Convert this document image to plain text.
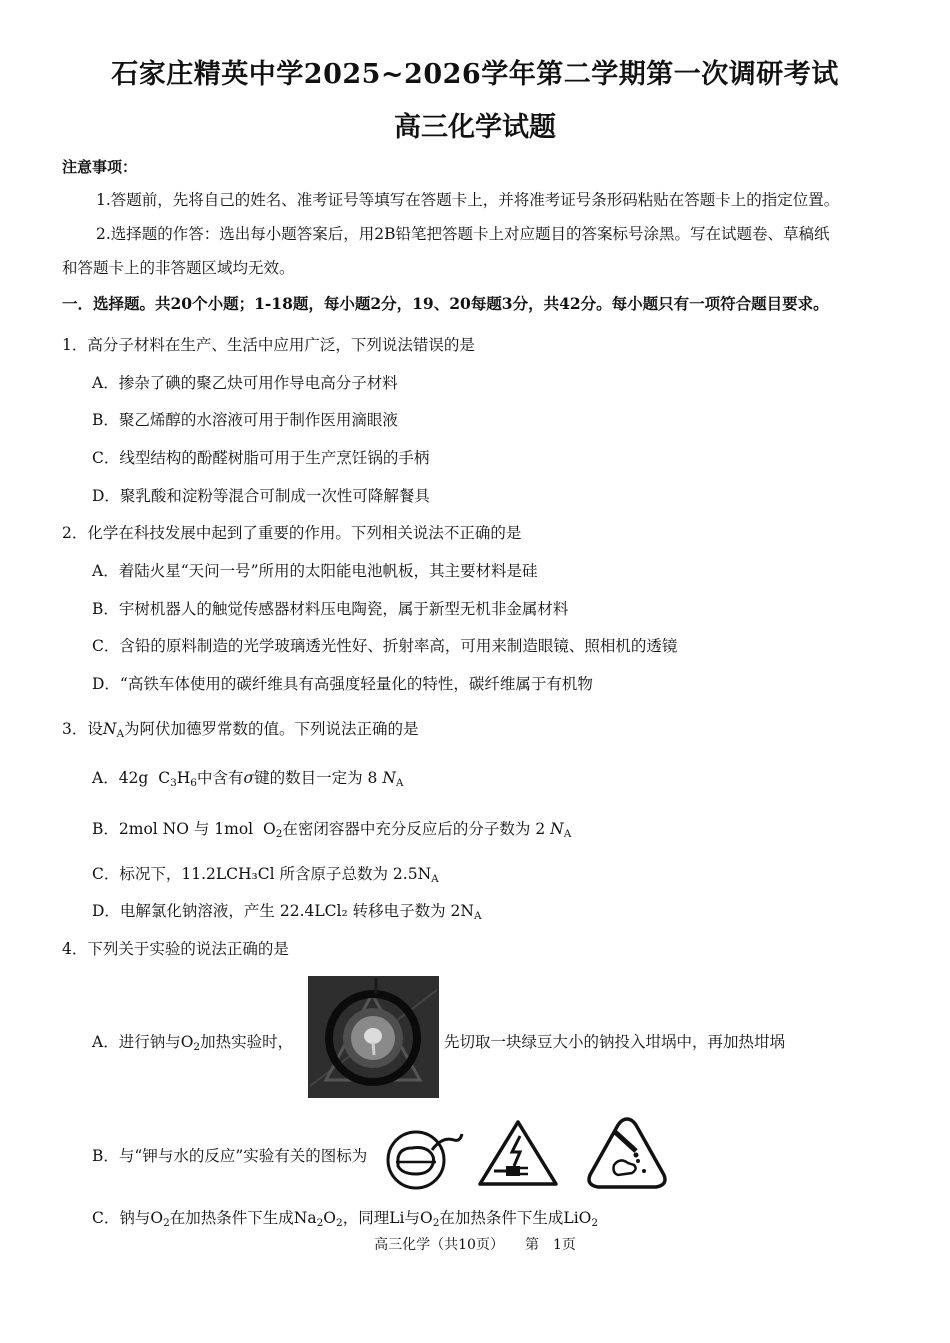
石家庄精英中学2025~2026学年第二学期第一次调研考试
高三化学试题
注意事项：
1.答题前，先将自己的姓名、准考证号等填写在答题卡上，并将准考证号条形码粘贴在答题卡上的指定位置。
2.选择题的作答：选出每小题答案后，用2B铅笔把答题卡上对应题目的答案标号涂黑。写在试题卷、草稿纸
和答题卡上的非答题区域均无效。
一．选择题。共20个小题；1-18题，每小题2分，19、20每题3分，共42分。每小题只有一项符合题目要求。
1．高分子材料在生产、生活中应用广泛，下列说法错误的是
A．掺杂了碘的聚乙炔可用作导电高分子材料
B．聚乙烯醇的水溶液可用于制作医用滴眼液
C．线型结构的酚醛树脂可用于生产烹饪锅的手柄
D．聚乳酸和淀粉等混合可制成一次性可降解餐具
2．化学在科技发展中起到了重要的作用。下列相关说法不正确的是
A．着陆火星“天问一号”所用的太阳能电池帆板，其主要材料是硅
B．宇树机器人的触觉传感器材料压电陶瓷，属于新型无机非金属材料
C．含铅的原料制造的光学玻璃透光性好、折射率高，可用来制造眼镜、照相机的透镜
D．“高铁车体使用的碳纤维具有高强度轻量化的特性，碳纤维属于有机物
3．设$N_A$为阿伏加德罗常数的值。下列说法正确的是
A．42g $C_3H_6$中含有σ键的数目一定为 8 $N_A$
B．2mol NO 与 1mol $O_2$在密闭容器中充分反应后的分子数为 2 $N_A$
C．标况下，11.2LCH₃Cl 所含原子总数为 $2.5N_A$
D．电解氯化钠溶液，产生 22.4LCl₂ 转移电子数为 $2N_A$
4．下列关于实验的说法正确的是
A．进行钠与$O_2$加热实验时，	先切取一块绿豆大小的钠投入坩埚中，再加热坩埚
B．与“钾与水的反应”实验有关的图标为
C．钠与$O_2$在加热条件下生成$Na_2O_2$，同理Li与$O_2$在加热条件下生成LiO$_2$
高三化学（共10页）　　第　1页
